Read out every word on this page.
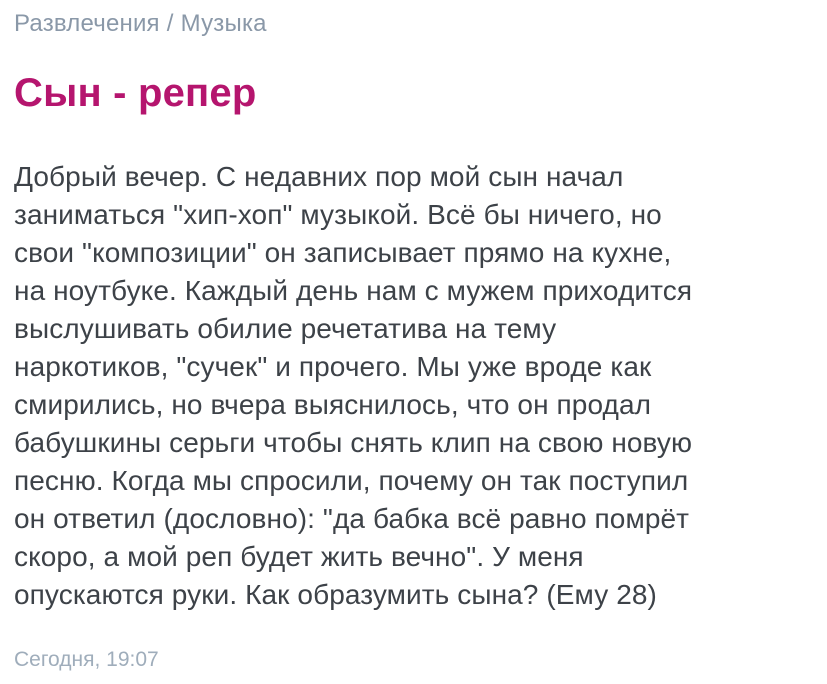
Развлечения / Музыка
Сын - репер
Добрый вечер. С недавних пор мой сын начал
заниматься "хип-хоп" музыкой. Всё бы ничего, но
свои "композиции" он записывает прямо на кухне,
на ноутбуке. Каждый день нам с мужем приходится
выслушивать обилие речетатива на тему
наркотиков, "сучек" и прочего. Мы уже вроде как
смирились, но вчера выяснилось, что он продал
бабушкины серьги чтобы снять клип на свою новую
песню. Когда мы спросили, почему он так поступил
он ответил (дословно): "да бабка всё равно помрёт
скоро, а мой реп будет жить вечно". У меня
опускаются руки. Как образумить сына? (Ему 28)
Сегодня, 19:07
